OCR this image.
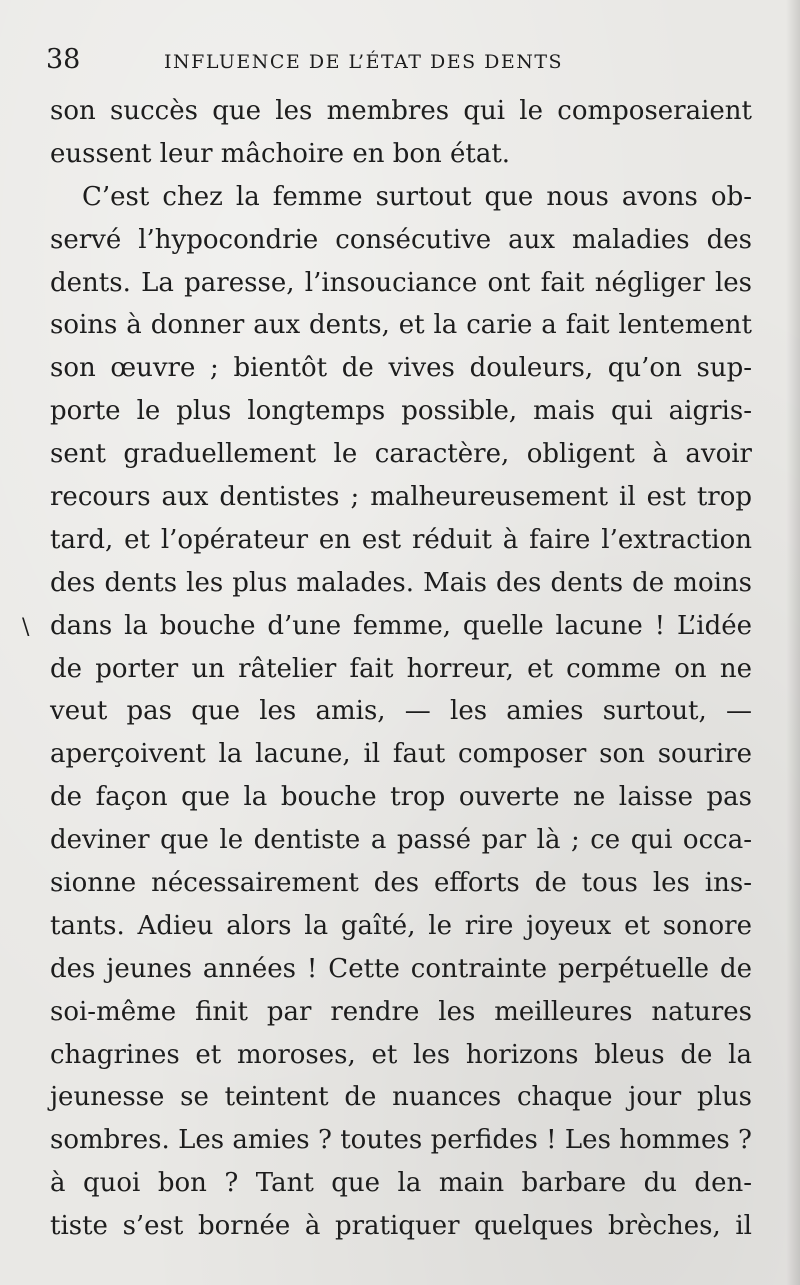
38	INFLUENCE DE L’ÉTAT DES DENTS
\
son succès que les membres qui le composeraient
eussent leur mâchoire en bon état.
C’est chez la femme surtout que nous avons ob-
servé l’hypocondrie consécutive aux maladies des
dents. La paresse, l’insouciance ont fait négliger les
soins à donner aux dents, et la carie a fait lentement
son œuvre ; bientôt de vives douleurs, qu’on sup-
porte le plus longtemps possible, mais qui aigris-
sent graduellement le caractère, obligent à avoir
recours aux dentistes ; malheureusement il est trop
tard, et l’opérateur en est réduit à faire l’extraction
des dents les plus malades. Mais des dents de moins
dans la bouche d’une femme, quelle lacune ! L’idée
de porter un râtelier fait horreur, et comme on ne
veut pas que les amis, — les amies surtout, —
aperçoivent la lacune, il faut composer son sourire
de façon que la bouche trop ouverte ne laisse pas
deviner que le dentiste a passé par là ; ce qui occa-
sionne nécessairement des efforts de tous les ins-
tants. Adieu alors la gaîté, le rire joyeux et sonore
des jeunes années ! Cette contrainte perpétuelle de
soi-même finit par rendre les meilleures natures
chagrines et moroses, et les horizons bleus de la
jeunesse se teintent de nuances chaque jour plus
sombres. Les amies ? toutes perfides ! Les hommes ?
à quoi bon ? Tant que la main barbare du den-
tiste s’est bornée à pratiquer quelques brèches, il
